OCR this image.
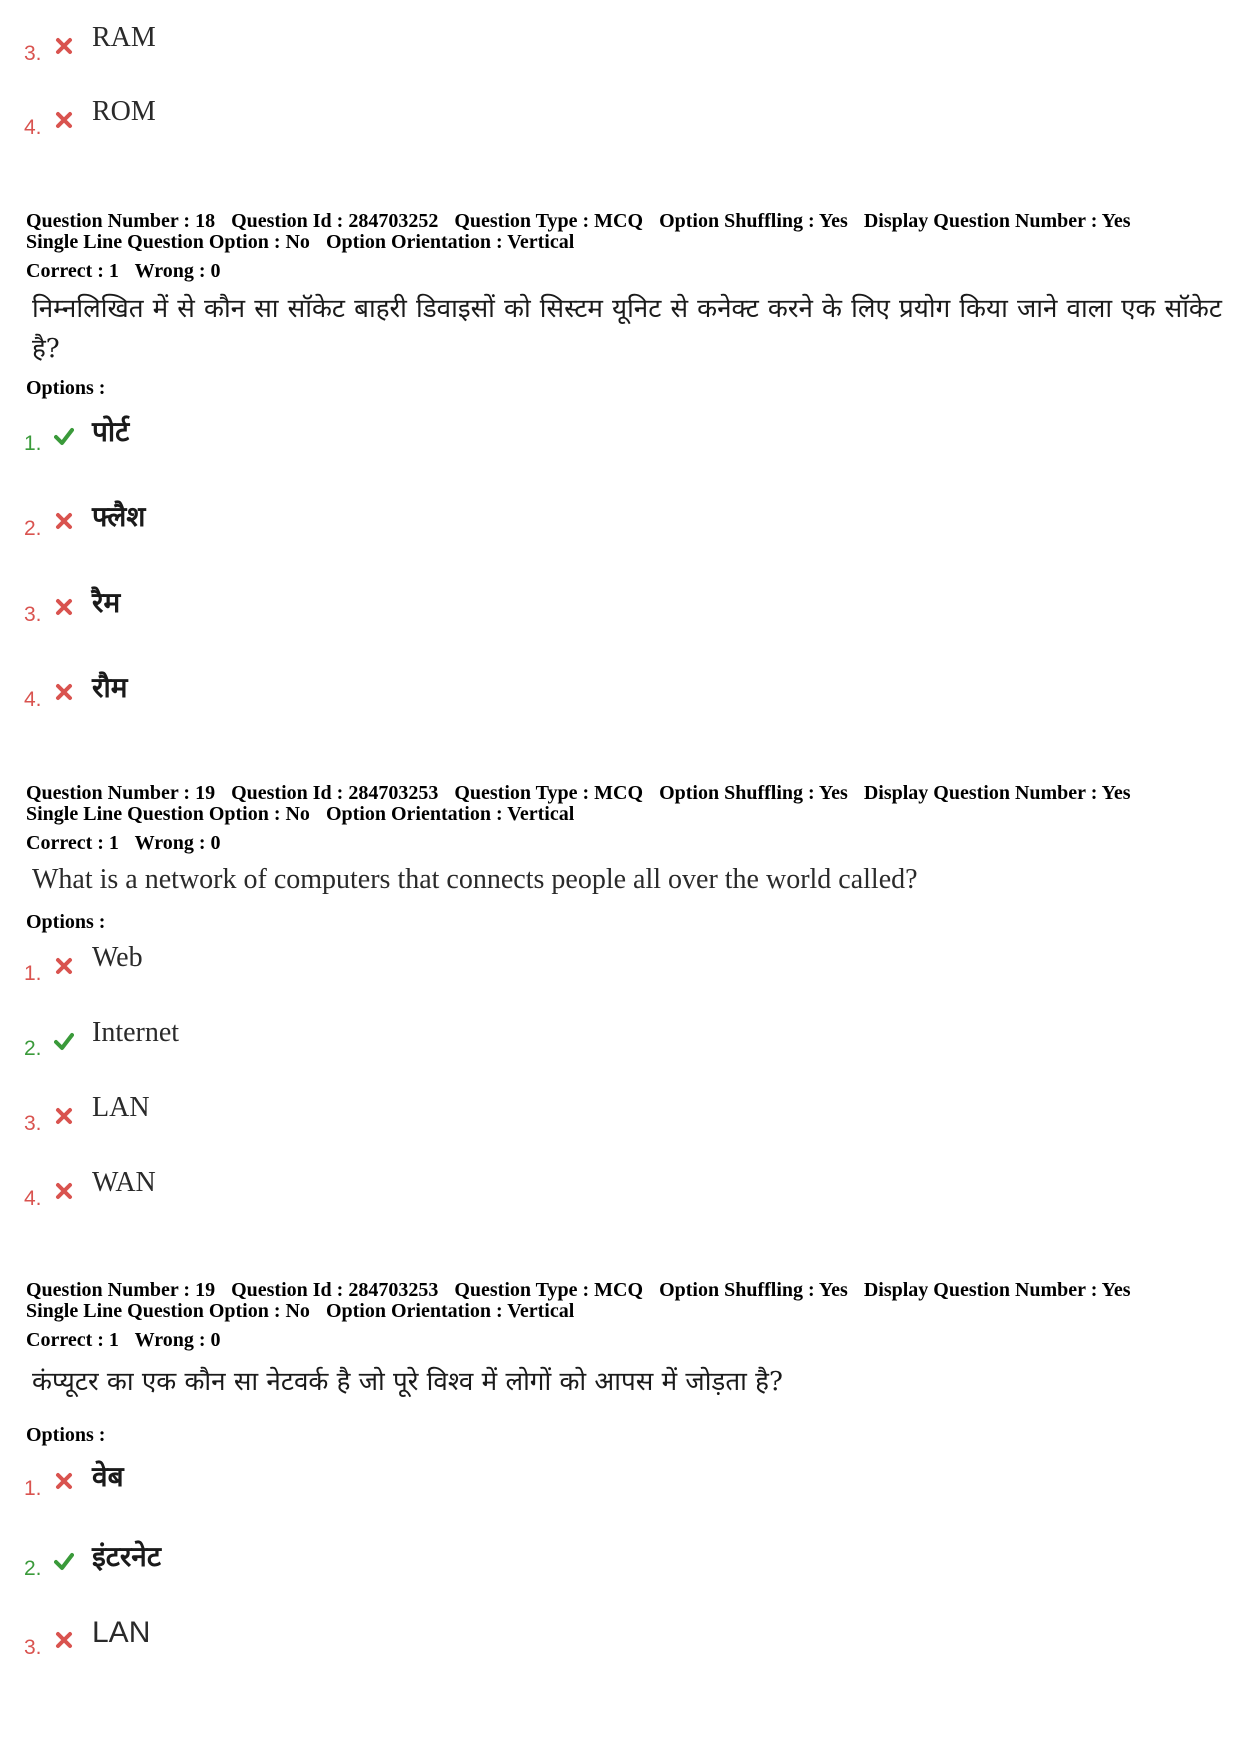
3.
RAM
4.
ROM
Question Number : 18 Question Id : 284703252 Question Type : MCQ Option Shuffling : Yes Display Question Number : Yes
Single Line Question Option : No Option Orientation : Vertical
Correct : 1 Wrong : 0
निम्नलिखित में से कौन सा सॉकेट बाहरी डिवाइसों को सिस्टम यूनिट से कनेक्ट करने के लिए प्रयोग किया जाने वाला एक सॉकेट है?
Options :
1. पोर्ट
2. फ्लैश
3. रैम
4. रौम
Question Number : 19 Question Id : 284703253 Question Type : MCQ Option Shuffling : Yes Display Question Number : Yes
Single Line Question Option : No Option Orientation : Vertical
Correct : 1 Wrong : 0
What is a network of computers that connects people all over the world called?
Options :
1.
Web
2.
Internet
3.
LAN
4.
WAN
Question Number : 19 Question Id : 284703253 Question Type : MCQ Option Shuffling : Yes Display Question Number : Yes
Single Line Question Option : No Option Orientation : Vertical
Correct : 1 Wrong : 0
कंप्यूटर का एक कौन सा नेटवर्क है जो पूरे विश्व में लोगों को आपस में जोड़ता है?
Options :
1. वेब
2. इंटरनेट
3. LAN
